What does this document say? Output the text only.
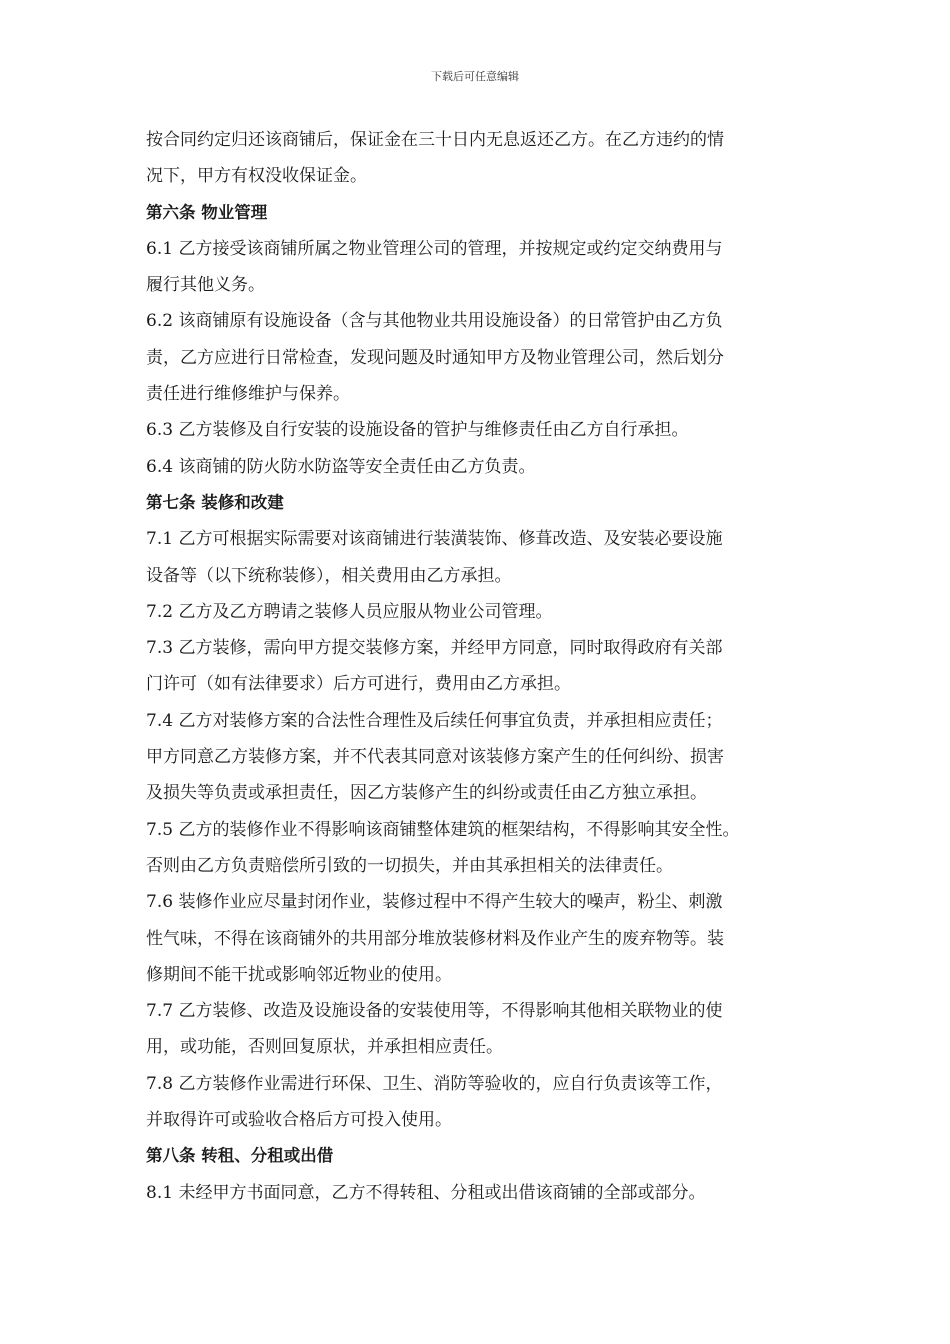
下载后可任意编辑
按合同约定归还该商铺后，保证金在三十日内无息返还乙方。在乙方违约的情
况下，甲方有权没收保证金。
第六条 物业管理
6.1 乙方接受该商铺所属之物业管理公司的管理，并按规定或约定交纳费用与
履行其他义务。
6.2 该商铺原有设施设备（含与其他物业共用设施设备）的日常管护由乙方负
责，乙方应进行日常检查，发现问题及时通知甲方及物业管理公司，然后划分
责任进行维修维护与保养。
6.3 乙方装修及自行安装的设施设备的管护与维修责任由乙方自行承担。
6.4 该商铺的防火防水防盗等安全责任由乙方负责。
第七条 装修和改建
7.1 乙方可根据实际需要对该商铺进行装潢装饰、修葺改造、及安装必要设施
设备等（以下统称装修），相关费用由乙方承担。
7.2 乙方及乙方聘请之装修人员应服从物业公司管理。
7.3 乙方装修，需向甲方提交装修方案，并经甲方同意，同时取得政府有关部
门许可（如有法律要求）后方可进行，费用由乙方承担。
7.4 乙方对装修方案的合法性合理性及后续任何事宜负责，并承担相应责任；
甲方同意乙方装修方案，并不代表其同意对该装修方案产生的任何纠纷、损害
及损失等负责或承担责任，因乙方装修产生的纠纷或责任由乙方独立承担。
7.5 乙方的装修作业不得影响该商铺整体建筑的框架结构，不得影响其安全性。
否则由乙方负责赔偿所引致的一切损失，并由其承担相关的法律责任。
7.6 装修作业应尽量封闭作业，装修过程中不得产生较大的噪声，粉尘、刺激
性气味，不得在该商铺外的共用部分堆放装修材料及作业产生的废弃物等。装
修期间不能干扰或影响邻近物业的使用。
7.7 乙方装修、改造及设施设备的安装使用等，不得影响其他相关联物业的使
用，或功能，否则回复原状，并承担相应责任。
7.8 乙方装修作业需进行环保、卫生、消防等验收的，应自行负责该等工作，
并取得许可或验收合格后方可投入使用。
第八条 转租、分租或出借
8.1 未经甲方书面同意，乙方不得转租、分租或出借该商铺的全部或部分。
